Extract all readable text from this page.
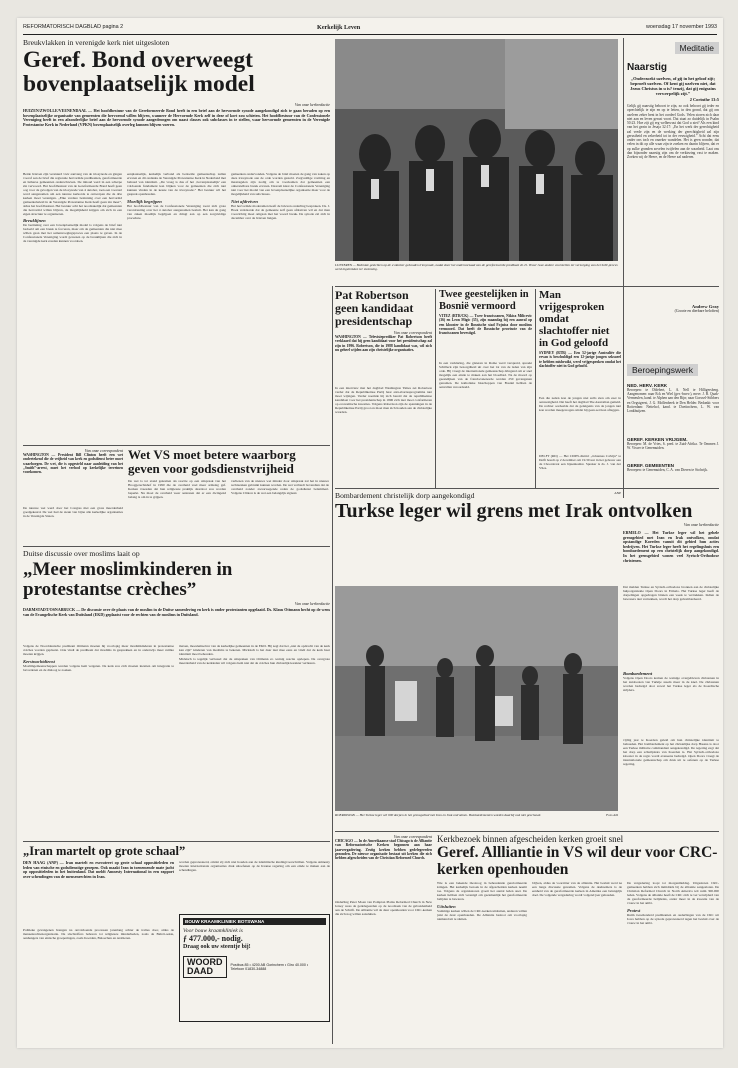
REFORMATORISCH DAGBLAD pagina 2	Kerkelijk Leven	woensdag 17 november 1993
Breukvlakken in verenigde kerk niet uitgesloten
Geref. Bond overweegt bovenplaatselijk model
Van onze kerkredactie
HUIZEN/ZWOLLE/VEENENDAAL — Het hoofdbestuur van de Gereformeerde Bond heeft in een brief aan de hervormde synode aangekondigd zich te gaan beraden op een bovenplaatselijke organisatie van gemeenten die hervormd willen blijven, wanneer de Hervormde Kerk zelf in deze of kort zou schieten. Het hoofdbestuur van de Confessionele Vereniging heeft in een afzonderlijke brief aan de hervormde synode aangedrongen om naast classes ook subclasses in te stellen, waar hervormde gemeenten in de Verenigde Protestantse Kerk in Nederland (VPKN) bovenplaatselijk overleg kunnen blijven voeren.

Beide brieven zijn verstuurd vóór aanvang van de triosynode en gingen vooraf aan de brief die regionale hervormde predikanten, gereformeerde en lutherse gemeenten onderschreven. De inhoud werd in een scherpe zin verwoord. Het hoofdbestuur van de Gereformeerde Bond heeft geen oog voor de gevolgen van de triosynode van 4 oktober, toen een voorstel werd aangenomen om een nieuwe kerkorde te ontwerpen die de drie kerken moet verenigen. „Elke verdere bezinning over een hervormd gemeentebeleid in de Verenigde Protestantse Kerk heeft geen zin meer”, aldus het hoofdbestuur. Het bestuur acht het noodzakelijk dat gemeenten die hervormd willen blijven, de mogelijkheid krijgen om zich in een eigen structuur te organiseren.

Breuklijnen

De bezinning over een bovenplaatselijk model is volgens de brief niet bedoeld om een breuk te forceren, maar om de gemeenten die niet mee willen gaan met het samenvoegingsproces een plaats te geven. In de Confessionele Vereniging wordt gewezen op de breuklijnen die zich in de verenigde kerk zouden kunnen voordoen.

eenplaatselijk, kerkelijk verband als bedoelde gemeenschap zullen ervaren en dit ondanks de Verenigde Protestantse Kerk in Nederland met behoud van identiteit. „De vraag is dus of het ‚bovenplaatselijk’ een voldoende fundament kan blijken voor de gemeenten die zich niet kunnen vinden in de keuze van de triosynode.” Het bestuur wil het gesprek openhouden.

Moeilijk begrijpen

Het hoofdbestuur van de Confessionele Vereniging toont zich grote verontrusting over het 4 oktober aangenomen besluit. Het kan de gang van zaken moeilijk begrijpen en dringt aan op een zorgvuldige procedure.

gemeenten ondervonden. Volgens de brief moeten de gang van zaken op deze triosynode aan de orde worden gesteld. Zorgvuldige vorming en maatregelen zijn nodig om te voorkomen dat gemeenten een onherstelbare breuk ervaren. Daarom kiest de Confessionele Vereniging niet voor het model van een bovenplaatselijke organisatie maar voor de mogelijkheid van subclasses.

Niet afdreiven

Het hervormde moderamen heeft de brieven onderling besproken. Ds. J. Hoek verklaarde dat de gemeente zelf geen afdreiven wil en dat men voorzichtig moet omgaan met het woord breuk. De synode zal zich in december over de brieven buigen.

LUNTEREN — Bedrukte gezichten op de 4 oktober gehouden triosynode, nadat door het onderoorzaad van de gereformeerde predikant dr. D. Visser twee andere voorstellen ter verzorging van het SoW-proces werd ingetrokken ter stemming.
Meditatie
Naarstig
„Onderzoekt uzelven, of gij in het geloof zijt; beproeft uzelven. Of kent gij uzelven niet, dat Jezus Christus in u is? tenzij, dat gij enigszins verwerpelijk zijt.”
2 Corinthe 13:5
Gelijk gij naarstig behoort te zijn, zo ook behoort gij ieder en oprechtelijk te zijn en op te letten, in den grond, dat gij om uzelven zeker bent in het oordeel Gods. Velen storen zich daar niet aan en leven gerust voort. Dat staat zo duidelijk in Psalm 50:23. Hoe zijt gij erg welbewust dat God u ziet? Als een kind van het gezin in Jesaja 32:17: „En het werk der gerechtigheid zal vrede zijn en de werking der gerechtigheid zal zijn gerustheid en zekerheid tot in der eeuwigheid.” Acht dat eens onder ons toch en onzeker wandelen. Het is geen wonder, dat velen in dit op alle waar zijn te zoeken en daarin blijven, dat er op zulke gronden zovelen twijfelen aan de waarheid. Laat ons dan bijzonder naarstig zijn om de verkiezing vast te maken. Zoeken wij de Heere, en de Heere zal naderen.
Andrew Gray
(Groote en dierbare beloften)
Beroepingswerk
NED. HERV. KERK
Beroepen: te Oldebert, L. A. Nell te Hilligersberg. Aangenomen: naar Eck en Wiel (ger.-hwev.), mevr. J. B. Quak-Vermeulen, kand. te Alphen aan den Rijn; naar Gorssel-Stibbers en Oegstgeest, J. G. Mollenbeek te Den Helder. Bedankt: voor Rotterdam: Nettehof, kand. te Doetinchem, L. W. van Lonkhuijzen.
GEREF. KERKEN VRIJGEM.
Beroepen: M. de Vries, 6. pred. te Zuid-Afrika. Te Ommen J. W. Visser te Genemuiden.
GEREF. GEMEENTEN
Beroepen: te Genemuiden, C. A. van Dieren te Stolwijk.
Van onze correspondent
WASHINGTON — President Bill Clinton heeft een wet ondertekend die de vrijheid van kerk en godsdienst beter moet waarborgen. De wet, die is opgesteld naar aanleiding van het „Smith”-arrest, moet het verbod op kerkelijke terreinen voorkomen.
De nieuwe wet werd door het Congres met een grote meerderheid goedgekeurd. De wet had de steun van bijna alle kerkelijke organisaties in de Verenigde Staten.
Wet VS moet betere waarborg geven voor godsdienstvrijheid
De wet is tot stand gekomen als reactie op een uitspraak van het Hooggerechtshof in 1990 die de overheid veel meer armslag gaf. Kerken vreesden dat hun religieuze praktijk daardoor zou worden beperkt. Nu moet de overheid weer aantonen dat er een dwingend belang is om in te grijpen.
verliezen van de nieuwe wet minder door uitspraak zal het in nieuwe rechtszaken gebruikt kunnen worden. De wet verbiedt bovendien dat de overheid zonder zwaarwegende reden de godsdienst belemmert. Volgens Clinton is de wet een belangrijk signaal.
Duitse discussie over moslims laait op
„Meer moslimkinderen in protestantse crèches”
Van onze kerkredactie
DARMSTADT/OSNABRÜCK — De discussie over de plaats van de moslim in de Duitse samenleving en kerk is onder protestanten opgelaaid. Ds. Klaus Ottmann hecht op de wens van de Evangelische Kerk van Duitsland (EKD) geplaatst voor de rechten van de moslims in Duitsland.

Volgens de Noorddeutsche predikant Ottmann moeten hij voorlopig meer moslimkinderen in protestantse crèches worden geplaatst. Ook vindt de predikant dat moslims in gesprekken en in onderwijs meer ruimte moeten krijgen.

Kerstnachtdienst

Moslimgemeenschappen werden volgens hem vergeten. De kerk zou zich moeten inzetten om integratie te bevorderen en de dialoog te zoeken.

maxen, moeslemselver van de kerkelijke gemeenten in de EKD. Hij zegt dat het „niet de opdracht van de kerk kan zijn” kinderen van moslims te bekeren. Mickisch is het daar niet mee eens en vindt dat de kerk haar identiteit moet behouden.

Mickisch is tegelijk verbaasd dat de uitspraken van Ottmann zo weinig reactie opriepen. De overgrote meerderheid van de kerkleden wil volgens hem niet dat de crèches hun christelijk karakter verliezen.

„Iran martelt op grote schaal”
DEN HAAG (ANP) — Iran martelt en executeert op grote schaal oppositieleden en leden van etnische en godsdienstige groepen. Ook maakt Iran in toenemende mate jacht op oppositieleden in het buitenland. Dat meldt Amnesty International in een rapport over schendingen van de mensenrechten in Iran.
Politieke gevangenen brengen na onvoldoende processen jarenlang achter de tralies door, aldus de mensenrechtenorganisatie. De slachtoffers behoren tot religieuze minderheden, zoals de Baha'i-sekte, aanhangers van etnische groeperingen, zoals Koerden, Baloechen en Arabieren.
worden geprotesteerd, omdat zij zich niet houden aan de islamitische kledingvoorschriften. Volgens Amnesty moeten internationale organisaties druk uitoefenen op de Iraanse regering om een einde te maken aan de schendingen.
BOUW KRAAMKLINIEK BOTSWANA
Voor bouw kraamkliniek is
ƒ 477.000,- nodig.
Draag ook uw steentje bij!
WOORD
DAAD
Postbus 85 • 4200 AB Gorinchem • Giro 40.000 • Telefoon 01830-34888
ROERDISTAN — Het Turkse leger wil 900 dorpen in het grensgebied met Iran en Irak ontruimen. Bombardementen worden daarbij ook niet geschuwd.	Foto AD
Pat Robertson geen kandidaat presidentschap
Van onze correspondent
WASHINGTON — Televisieprediker Pat Robertson heeft verklaard dat hij geen kandidaat voor het presidentschap zal zijn in 1996. Robertson, die in 1988 kandidaat was, wil zich nu geheel wijden aan zijn christelijke organisaties.
In een interview met het dagblad Washington Times zei Robertson verder dat de Republikeinse Partij haar anti-abortusprogramma niet moet wijzigen. Verder noemde hij zich bereid dat de republikeinse kandidaat voor het presidentschap in 1996 zich niet moet conformeren op economische kwesties. Volgens Robertson zijn de spanningen in de Republikeinse Partij groot en moet men zich houden aan de christelijke waarden.
Twee geestelijken in Bosnië vermoord
VITEZ (RTR/CK) — Twee franciscanen, Nikica Milicevic (36) en Leon Migic (35), zijn maandag bij een aanval op een klooster in de Bosnische stad Fojnica door moslims vermoord. Dat heeft de Bosnische provincie van de franciscanen bevestigd.
In een verklaring, die gisteren in Rome werd verspreid, spreekt Schilleck zijn bezorgdheid uit over het lot van de leden van zijn orde. Hij vraagt de internationale gemeenschap dringend om er snel mogelijk een einde te maken aan het bloedbad. Na de moord op geestelijken van de franciscanenorde werden 250 gevangenen genomen. De katholieke bisschoppen van Bosnië hebben de aanvallen veroordeeld.
Man vrijgesproken omdat slachtoffer niet in God geloofd
SYDNEY (RTR) — Een 52-jarige Australiër die ervan is beschuldigd een 12-jarige jongen seksueel te hebben misbruikt, werd vrijgesproken omdat het slachtoffer niet in God geloofd.
Een die zeden kon de jongen niet zelfs zien om zeer in aanwezigheid. Dat heeft het dagblad The Australian gemeld. De rechter oordeelde dat de getuigenis van de jongen niet kon worden meegewogen omdat hij geen eed kon afleggen.
DELFT (RD) — Het CDPN-district „Johannes Calvijn” te Delft houdt op 2 december om 19.30 uur in het gebouw aan de Choorstraat een bijeenkomst. Spreker is ds. J. van der Vlies.
ANP
Bombardement christelijk dorp aangekondigd
Turkse leger wil grens met Irak ontvolken
Van onze kerkredactie
ERMELO — Het Turkse leger wil het gehele grensgebied met Iran en Irak ontvolken, omdat opstandige Koerden vanuit dit gebied hun acties bedrijven. Het Turkse leger heeft het regelingshuis een bombardement op een christelijk dorp aangekondigd. In het grensgebied wonen veel Syrisch-Orthodoxe christenen.
Dat melden Turkse en Syrisch-orthodoxe bronnen aan de christelijke hulporganisatie Open Doors in Ermelo. Het Turkse leger heeft de dorpelingen opgedragen binnen een week te vertrekken. Indien de bewoners niet vertrekken, wordt het dorp gebombardeerd.
Bombardement
Volgens Open Doors komen de weinige overgebleven christenen in het zuidoosten van Turkije steeds meer in de knel. De christenen worden bedreigd door zowel het Turkse leger als de Koerdische strijders.
vijftig jaar te Koerden geleid om hun christelijke identiteit te behouden. Het bombardement op het christelijke dorp Hassna is door een Turkse militaire commandant aangekondigd. De regering zegt dat het dorp een schuilplaats van Koerden is. Het Syrisch-orthodoxe klooster in de regio wordt eveneens bedreigd. Open Doors vraagt de internationale gemeenschap om druk uit te oefenen op de Turkse regering.
Van onze correspondent
CHICAGO — In de Amerikaanse stad Chicago is de Alliantie van Reformatorische Kerken begonnen aan haar jaarvergadering. Zestig kerken hebben gedelegeerden gezonden. De nieuwe organisatie bestaat uit kerken die zich hebben afgescheiden van de Christian Reformed Church.
Onderling Peter Moen van Pompton Plains Reformed Church in New Jersey wees de gedelegeerden op de noodzaak van de gebondenheid aan de Schrift. De Alliantie wil de deur openhouden voor CRC-kerken die zich nog willen aansluiten.
Kerkbezoek binnen afgescheiden kerken groeit snel
Geref. Allliantie in VS wil deur voor CRC-kerken openhouden

Wie is een bekende theoloog in behoudende gereformeerde kringen. Het kerkelijk bezoek in de afgescheiden kerken neemt toe. Volgens de organisatoren groeit het aantal leden snel. De kerken hebben zich verenigd om gezamenlijk het gereformeerde belijden te bewaren.

Uitsluiten

Sommige kerken willen de CRC-kerken uitsluiten, anderen willen juist de deur openhouden. De Alliantie besloot om voorlopig niemand uit te sluiten.

blijven, aldus de voorzitter van de alliantie. Het besluit werd na een lange discussie genomen. Volgens de deelnemers is de eenheid van de gereformeerde kerken in Amerika een belangrijk doel. De volgende vergadering wordt volgend jaar gehouden.

De vergadering loopt tot morgenmiddag. Uitgesloten CRC-gemeenten hebben zich inmiddels bij de alliantie aangesloten. De Christian Reformed Church in North America telt ruim 300.000 leden. Volgens de alliantie heeft de CRC zich te ver verwijderd van de gereformeerde belijdenis, onder meer in de kwestie van de vrouw in het ambt.

Protest

Ruim tweehonderd predikanten en ouderlingen van de CRC uit Iowa hebben op de synode geprotesteerd tegen het besluit over de vrouw in het ambt.
